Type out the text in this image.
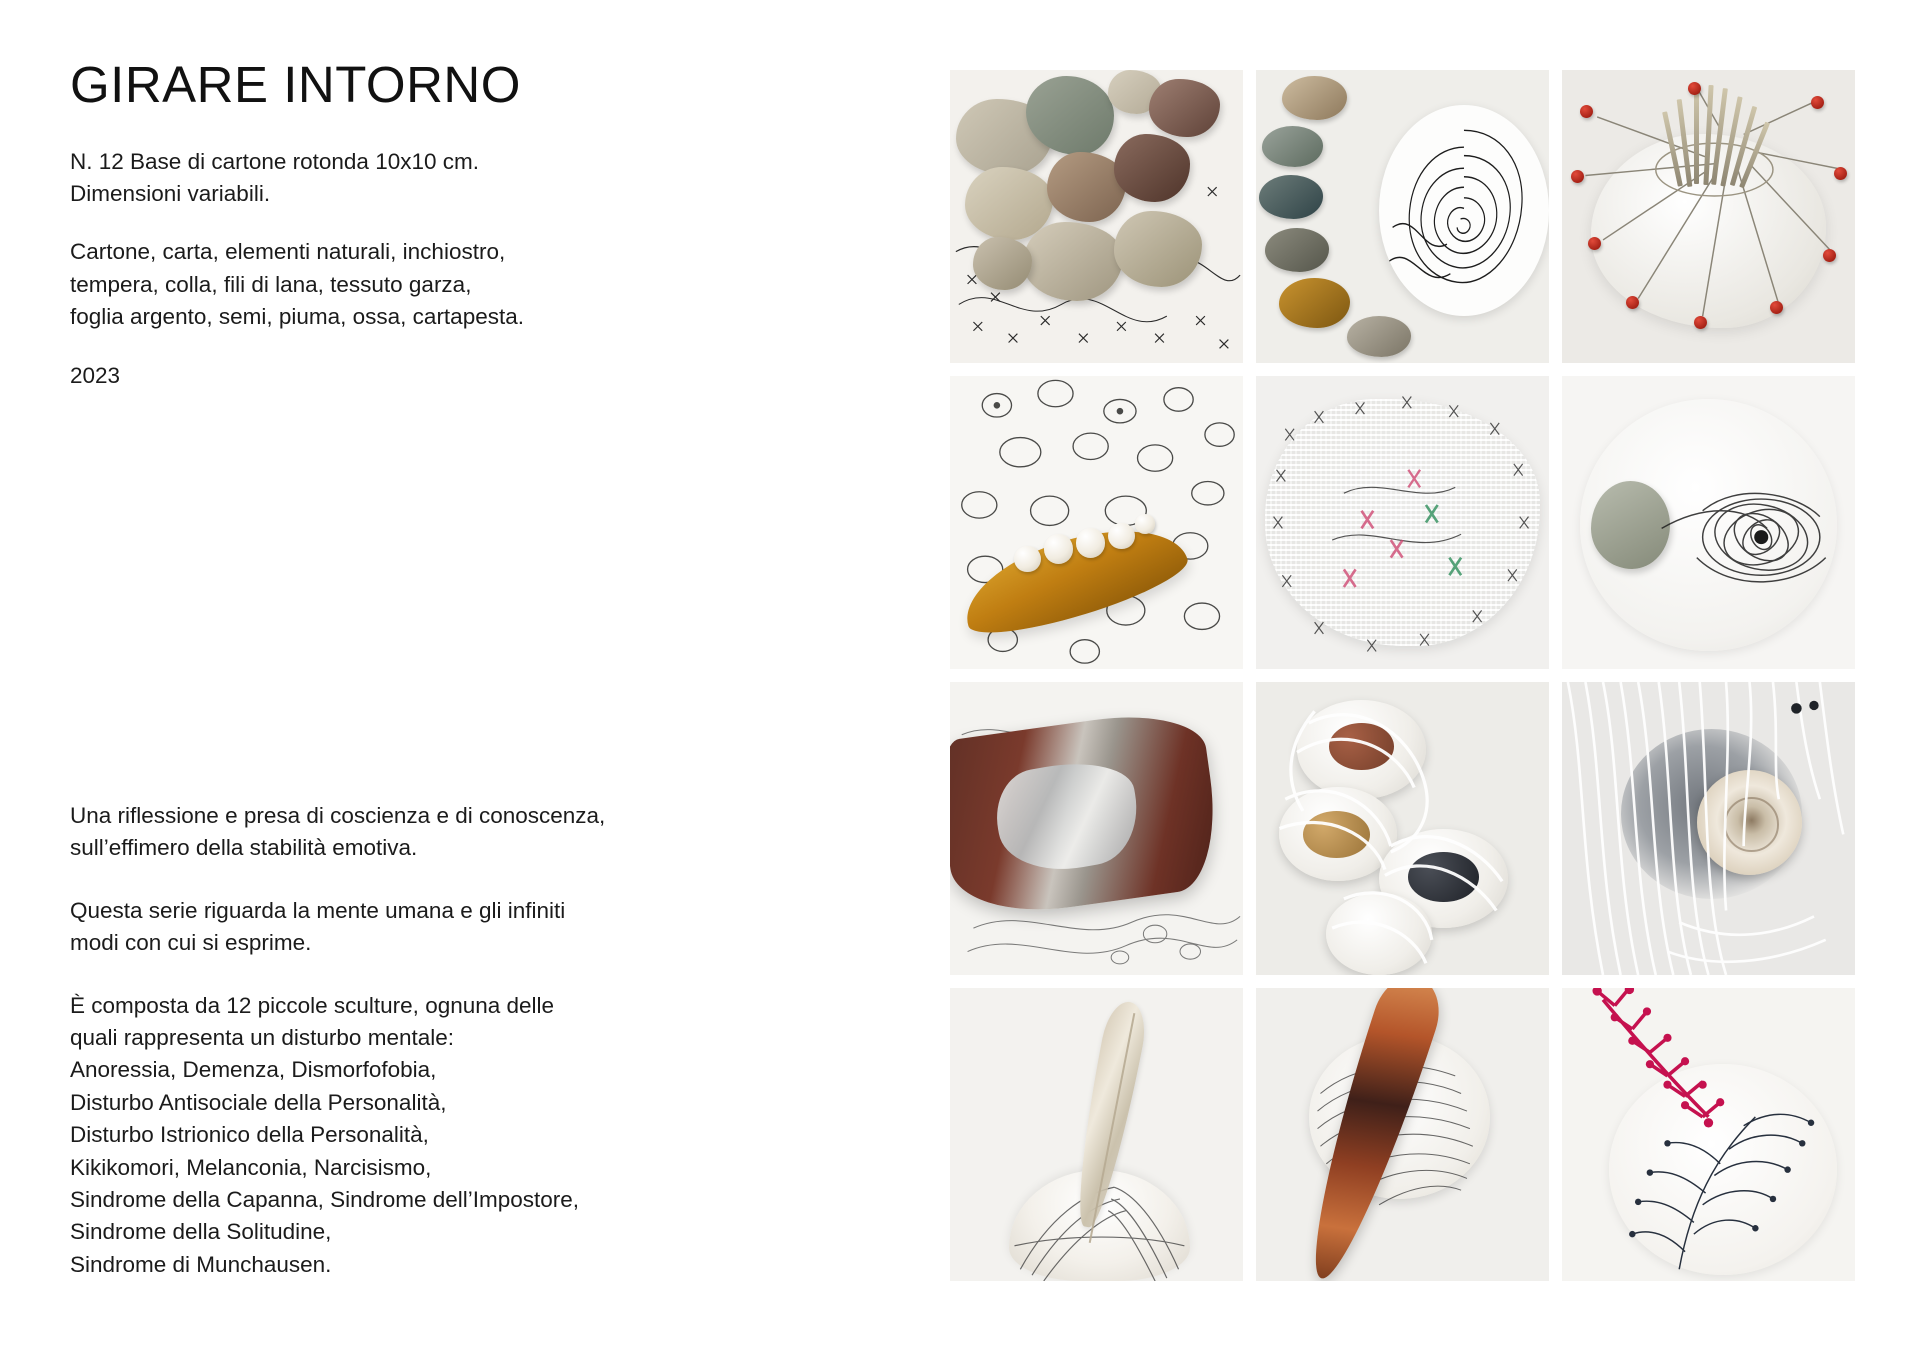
GIRARE INTORNO

N. 12 Base di cartone rotonda 10x10 cm.
Dimensioni variabili.

Cartone, carta, elementi naturali, inchiostro,
tempera, colla, fili di lana, tessuto garza,
foglia argento, semi, piuma, ossa, cartapesta.

2023

Una riflessione e presa di coscienza e di conoscenza,
sull’effimero della stabilità emotiva.

Questa serie riguarda la mente umana e gli infiniti
modi con cui si esprime.

È composta da 12 piccole sculture, ognuna delle
quali rappresenta un disturbo mentale:
Anoressia, Demenza, Dismorfofobia,
Disturbo Antisociale della Personalità,
Disturbo Istrionico della Personalità,
Kikikomori, Melanconia, Narcisismo,
Sindrome della Capanna, Sindrome dell’Impostore,
Sindrome della Solitudine,
Sindrome di Munchausen.
